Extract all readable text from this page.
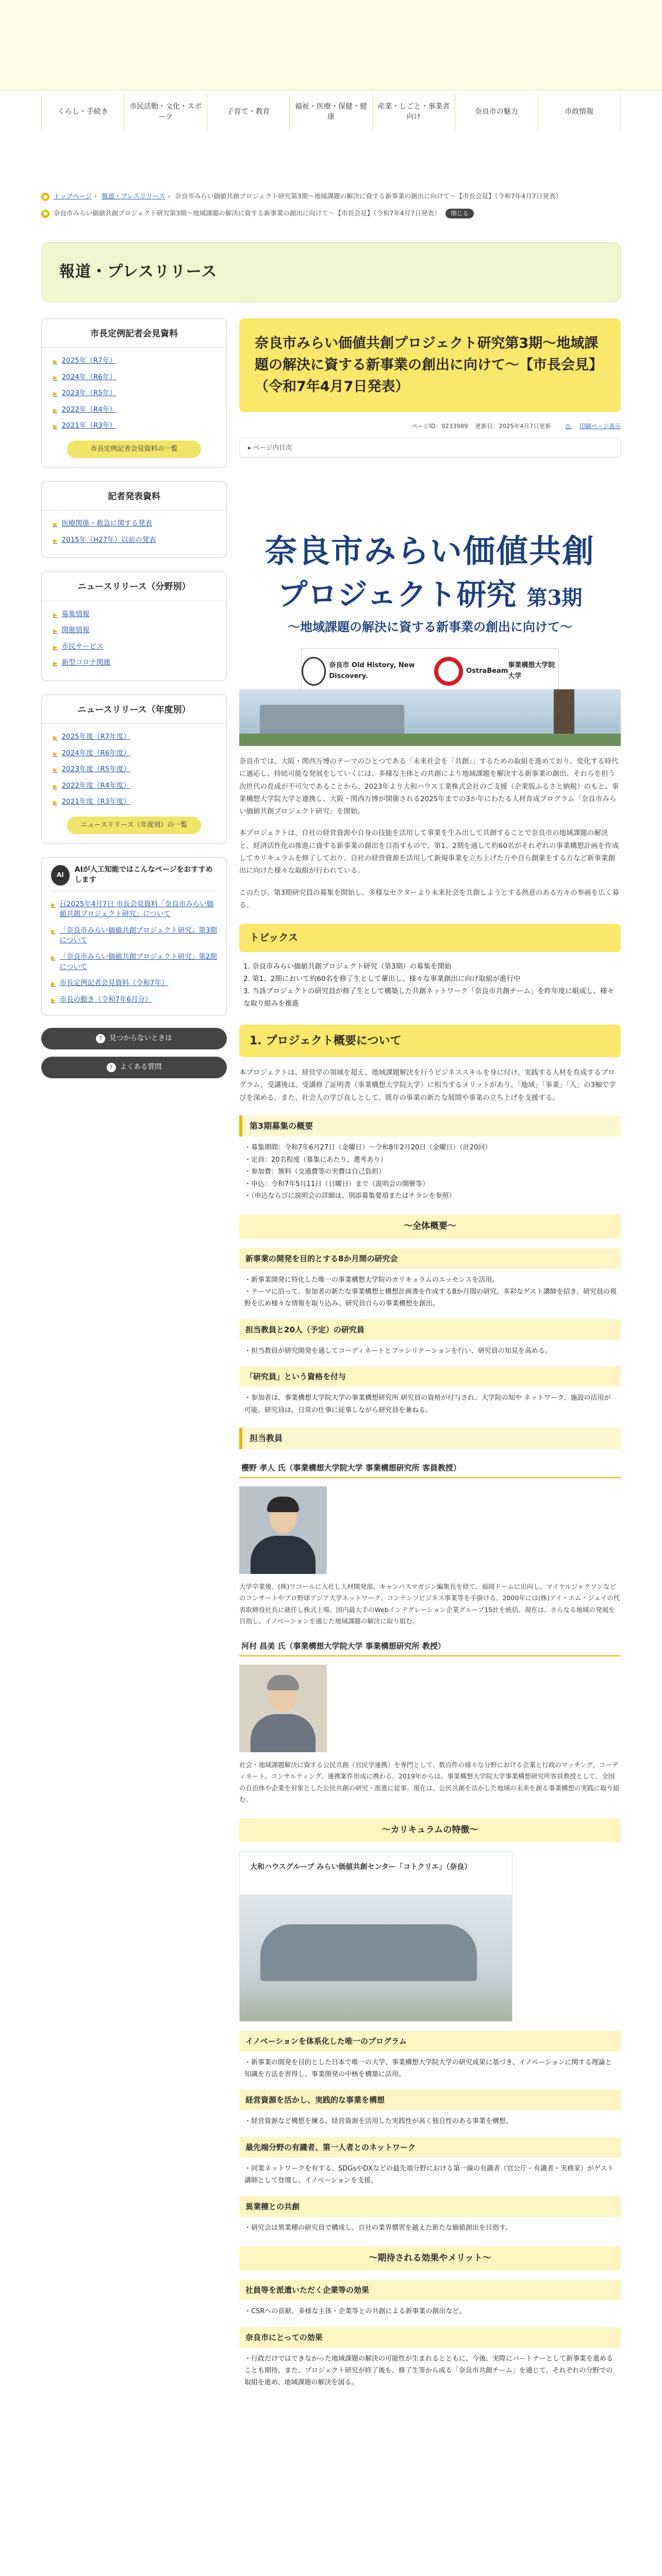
くらし・手続き
市民活動・文化・スポーツ
子育て・教育
福祉・医療・保健・健康
産業・しごと・事業者向け
奈良市の魅力	市政情報
● トップページ › 報道・プレスリリース › 奈良市みらい価値共創プロジェクト研究第3期〜地域課題の解決に資する新事業の創出に向けて〜【市長会見】（令和7年4月7日発表）
● 奈良市みらい価値共創プロジェクト研究第3期〜地域課題の解決に資する新事業の創出に向けて〜【市長会見】（令和7年4月7日発表）	閉じる
報道・プレスリリース
市長定例記者会見資料
▶ 2025年（R7年）
▶ 2024年（R6年）
▶ 2023年（R5年）
▶ 2022年（R4年）
▶ 2021年（R3年）
市長定例記者会見資料の一覧
記者発表資料
▶ 医療関係・救急に関する発表
▶ 2015年（H27年）以前の発表
ニュースリリース（分野別）
▶ 募集情報
▶ 開催情報
▶ 市民サービス
▶ 新型コロナ関連
ニュースリリース（年度別）
▶ 2025年度（R7年度）
▶ 2024年度（R6年度）
▶ 2023年度（R5年度）
▶ 2022年度（R4年度）
▶ 2021年度（R3年度）
ニュースリリース（年度別）の一覧
AI
AIが人工知能ではこんなページをおすすめします
▶ 日2025年4月7日 市長会見資料「奈良市みらい価値共創プロジェクト研究」について
▶ 「奈良市みらい価値共創プロジェクト研究」第3期について
▶ 「奈良市みらい価値共創プロジェクト研究」第2期について
▶ 市長定例記者会見資料（令和7年）
▶ 市長の動き（令和7年6月分）
?	見つからないときは
?	よくある質問
奈良市みらい価値共創プロジェクト研究第3期〜地域課題の解決に資する新事業の創出に向けて〜【市長会見】（令和7年4月7日発表）
ページID：0233989 更新日：2025年4月7日更新	⎙ 印刷ページ表示
▸ ページ内目次
奈良市みらい価値共創
プロジェクト研究 第3期
〜地域課題の解決に資する新事業の創出に向けて〜
奈良市 Old History, New Discovery.
OstraBeam
事業構想大学院大学

奈良市では、大阪・関西万博のテーマのひとつである「未来社会を「共創」」するための取組を進めており、変化する時代に適応し、持続可能な発展をしていくには、多様な主体との共創により地域課題を解決する新事業の創出、それらを担う次世代の育成が不可欠であることから、2023年より大和ハウス工業株式会社のご支援（企業版ふるさと納税）のもと、事業構想大学院大学と連携し、大阪・関西万博が開催される2025年までの3か年にわたる人材育成プログラム「奈良市みらい価値共創プロジェクト研究」を開始。

本プロジェクトは、自社の経営資源や自身の技能を活用して事業を生み出して共創することで奈良市の地域課題の解決と、経済活性化の推進に資する新事業の創出を目指すもので、第1、2期を通して約60名がそれぞれの事業構想計画を作成してカリキュラムを修了しており、自社の経営資源を活用して新規事業を立ち上げた方や自ら創業をする方など新事業創出に向けた様々な取組が行われている。

このたび、第3期研究員の募集を開始し、多様なセクターより未来社会を共創しようとする熱意のある方々の参画を広く募る。

トピックス
1. 奈良市みらい価値共創プロジェクト研究（第3期）の募集を開始
2. 第1、2期において約60名を修了生として輩出し、様々な事業創出に向け取組が進行中
3. 当該プロジェクトの研究員が修了生として構築した共創ネットワーク「奈良市共創チーム」を昨年度に組成し、様々な取り組みを推進
1. プロジェクト概要について

本プロジェクトは、経営学の領域を超え、地域課題解決を行うビジネススキルを身に付け、実践する人材を育成するプログラム。受講後は、受講修了証明書（事業構想大学院大学）に相当するメリットがあり、「地域」「事業」「人」の3軸で学びを深める。また、社会人の学び直しとして、既存の事業の新たな展開や事業の立ち上げを支援する。

第3期募集の概要
・ 募集期間：令和7年6月27日（金曜日）〜令和8年2月20日（金曜日）（計20回）
・ 定員：20名程度（募集にあたり、選考あり）
・ 参加費：無料（交通費等の実費は自己負担）
・ 申込：令和7年5月11日（日曜日）まで（説明会の開催等）
・ （申込ならびに説明会の詳細は、別添募集要項またはチラシを参照）
〜全体概要〜
新事業の開発を目的とする8か月間の研究会
・ 新事業開発に特化した唯一の事業構想大学院のカリキュラムのエッセンスを活用。
・ テーマに沿って、参加者の新たな事業構想と構想計画書を作成する8か月間の研究。多彩なゲスト講師を招き、研究員の視野を広め様々な情報を取り込み、研究員自らの事業構想を創出。
担当教員と20人（予定）の研究員
・ 担当教員が研究開発を通してコーディネートとファシリテーションを行い、研究員の知見を高める。
「研究員」という資格を付与
・ 参加者は、事業構想大学院大学の事業構想研究所 研究員の資格が付与され、大学院の知や ネットワーク、施設の活用が可能。研究員は、日常の仕事に従事しながら研究員を兼ねる。
担当教員
櫻野 孝人 氏（事業構想大学院大学 事業構想研究所 客員教授）

大学卒業後、(株)ワコールに入社し人材開発部、キャンパスマガジン編集長を経て、福岡ドームに出向し、マイケルジャクソンなどのコンサートやプロ野球アジア大学ネットワーク、コンテンツビジネス事業等を手掛ける。2000年には(株)アイ・エム・ジェイの代表取締役社長に就任し株式上場。国内最大手のWebインテグレーション企業グループ15社を統括。現在は、さらなる地域の発展を目指し、イノベーションを通じた地域課題の解決に取り組む。

河村 昌美 氏（事業構想大学院大学 事業構想研究所 教授）

社会・地域課題解決に資する公民共創（官民学連携）を専門として、数百件の様々な分野における企業と行政のマッチング、コーディネート、コンサルティング、連携案件形成に携わる。2019年からは、事業構想大学院大学事業構想研究所客員教授として、全国の自治体や企業を対象とした公民共創の研究・推進に従事。現在は、公民共創を活かした地域の未来を創る事業構想の実践に取り組む。

〜カリキュラムの特徴〜
大和ハウスグループ みらい価値共創センター「コトクリエ」（奈良）
イノベーションを体系化した唯一のプログラム
・ 新事業の開発を目的とした日本で唯一の大学、事業構想大学院大学の研究成果に基づき、イノベーションに関する理論と知識を方法を習得し、事業開発の中核を構築に活用。
経営資源を活かし、実践的な事業を構想
・ 経営資源など構想を練る、経営資源を活用した実践性が高く独自性のある事業を構想。
最先端分野の有識者、第一人者とのネットワーク
・ 同業ネットワークを有する、SDGsやDXなどの最先端分野における第一線の有識者（官公庁・有識者・実務家）がゲスト講師として登壇し、イノベーションを支援。
異業種との共創
・ 研究会は異業種の研究員で構成し、自社の業界慣習を越えた新たな価値創出を目指す。
〜期待される効果やメリット〜
社員等を派遣いただく企業等の効果
・ CSRへの貢献、多様な主体・企業等との共創による新事業の創出など。
奈良市にとっての効果
・ 行政だけではできなかった地域課題の解決の可能性が生まれるとともに、今後、実際にパートナーとして新事業を進めることも期待。また、プロジェクト研究が終了後も、修了生等から成る「奈良市共創チーム」を通じて、それぞれの分野での取組を進め、地域課題の解決を図る。
